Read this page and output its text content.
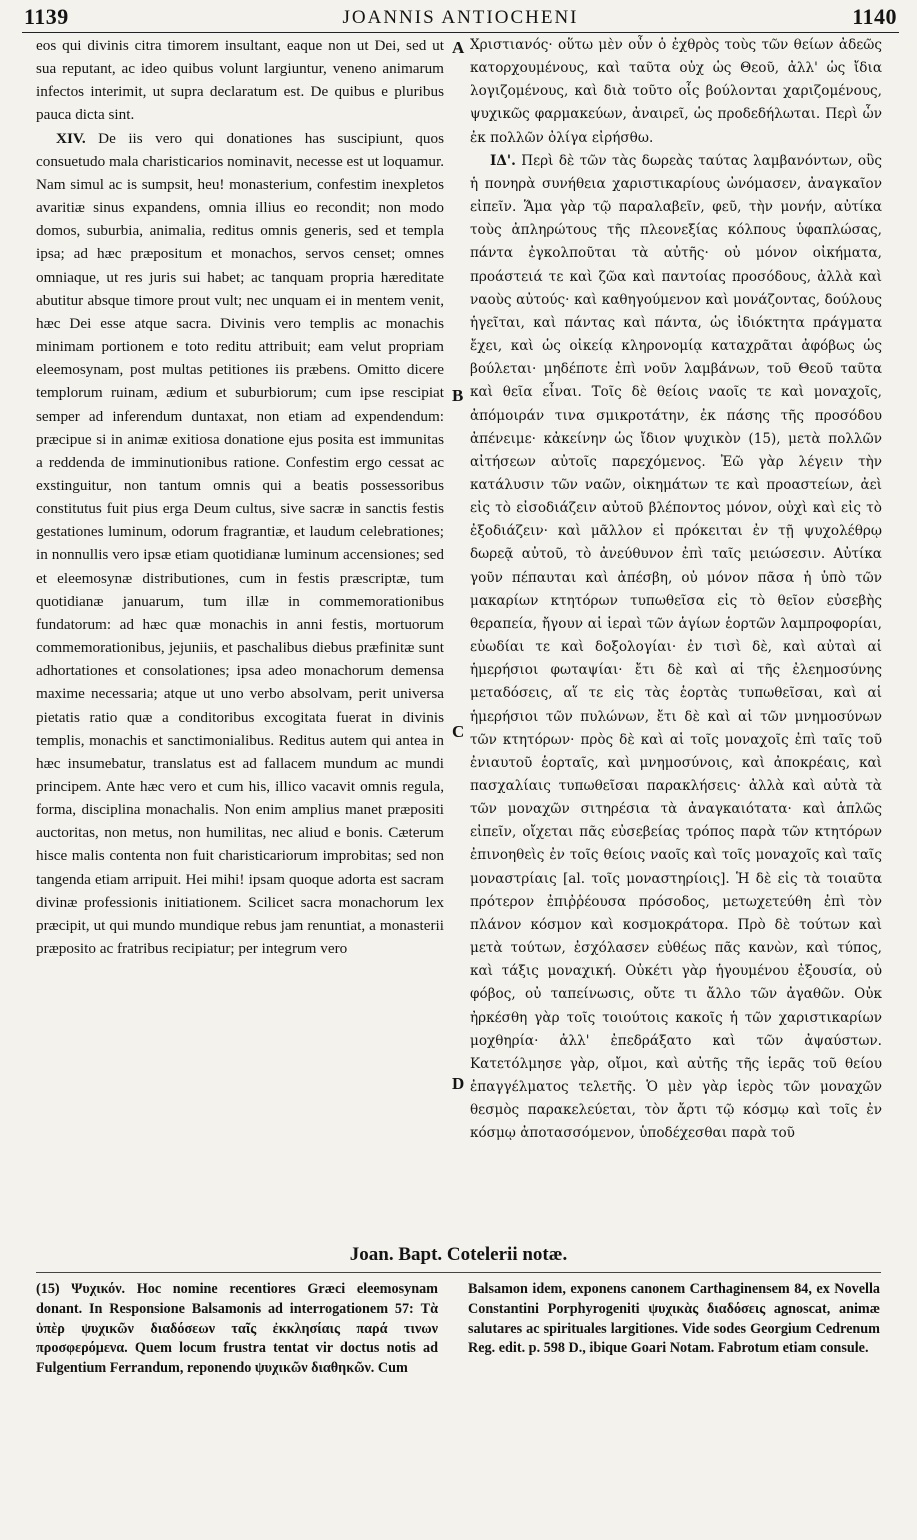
1139	JOANNIS ANTIOCHENI	1140

eos qui divinis citra timorem insultant, eaque non ut Dei, sed ut sua reputant, ac ideo quibus volunt largiuntur, veneno animarum infectos interimit, ut supra declaratum est. De quibus e pluribus pauca dicta sint.

XIV. De iis vero qui donationes has suscipiunt, quos consuetudo mala charisticarios nominavit, necesse est ut loquamur. Nam simul ac is sumpsit, heu! monasterium, confestim inexpletos avaritiæ sinus expandens, omnia illius eo recondit; non modo domos, suburbia, animalia, reditus omnis generis, sed et templa ipsa; ad hæc præpositum et monachos, servos censet; omnes omniaque, ut res juris sui habet; ac tanquam propria hæreditate abutitur absque timore prout vult; nec unquam ei in mentem venit, hæc Dei esse atque sacra. Divinis vero templis ac monachis minimam portionem e toto reditu attribuit; eam velut propriam eleemosynam, post multas petitiones iis præbens. Omitto dicere templorum ruinam, ædium et suburbiorum; cum ipse rescipiat semper ad inferendum duntaxat, non etiam ad expendendum: præcipue si in animæ exitiosa donatione ejus posita est immunitas a reddenda de imminutionibus ratione. Confestim ergo cessat ac exstinguitur, non tantum omnis qui a beatis possessoribus constitutus fuit pius erga Deum cultus, sive sacræ in sanctis festis gestationes luminum, odorum fragrantiæ, et laudum celebrationes; in nonnullis vero ipsæ etiam quotidianæ luminum accensiones; sed et eleemosynæ distributiones, cum in festis præscriptæ, tum quotidianæ januarum, tum illæ in commemorationibus fundatorum: ad hæc quæ monachis in anni festis, mortuorum commemorationibus, jejuniis, et paschalibus diebus præfinitæ sunt adhortationes et consolationes; ipsa adeo monachorum demensa maxime necessaria; atque ut uno verbo absolvam, perit universa pietatis ratio quæ a conditoribus excogitata fuerat in divinis templis, monachis et sanctimonialibus. Reditus autem qui antea in hæc insumebatur, translatus est ad fallacem mundum ac mundi principem. Ante hæc vero et cum his, illico vacavit omnis regula, forma, disciplina monachalis. Non enim amplius manet præpositi auctoritas, non metus, non humilitas, nec aliud e bonis. Cæterum hisce malis contenta non fuit charisticariorum improbitas; sed non tangenda etiam arripuit. Hei mihi! ipsam quoque adorta est sacram divinæ professionis initiationem. Scilicet sacra monachorum lex præcipit, ut qui mundo mundique rebus jam renuntiat, a monasterii præposito ac fratribus recipiatur; per integrum vero

A
B
C
D

Χριστιανός· οὕτω μὲν οὖν ὁ ἐχθρὸς τοὺς τῶν θείων ἀδεῶς κατορχουμένους, καὶ ταῦτα οὐχ ὡς Θεοῦ, ἀλλ' ὡς ἴδια λογιζομένους, καὶ διὰ τοῦτο οἷς βούλονται χαριζομένους, ψυχικῶς φαρμακεύων, ἀναιρεῖ, ὡς προδεδήλωται. Περὶ ὧν ἐκ πολλῶν ὀλίγα εἰρήσθω.

ΙΔ'. Περὶ δὲ τῶν τὰς δωρεὰς ταύτας λαμβανόντων, οὓς ἡ πονηρὰ συνήθεια χαριστικαρίους ὠνόμασεν, ἀναγκαῖον εἰπεῖν. Ἅμα γὰρ τῷ παραλαβεῖν, φεῦ, τὴν μονήν, αὐτίκα τοὺς ἀπληρώτους τῆς πλεονεξίας κόλπους ὑφαπλώσας, πάντα ἐγκολποῦται τὰ αὐτῆς· οὐ μόνον οἰκήματα, προάστειά τε καὶ ζῶα καὶ παντοίας προσόδους, ἀλλὰ καὶ ναοὺς αὐτούς· καὶ καθηγούμενον καὶ μονάζοντας, δούλους ἡγεῖται, καὶ πάντας καὶ πάντα, ὡς ἰδιόκτητα πράγματα ἔχει, καὶ ὡς οἰκείᾳ κληρονομίᾳ καταχρᾶται ἀφόβως ὡς βούλεται· μηδέποτε ἐπὶ νοῦν λαμβάνων, τοῦ Θεοῦ ταῦτα καὶ θεῖα εἶναι. Τοῖς δὲ θείοις ναοῖς τε καὶ μοναχοῖς, ἀπόμοιράν τινα σμικροτάτην, ἐκ πάσης τῆς προσόδου ἀπένειμε· κἀκείνην ὡς ἴδιον ψυχικὸν (15), μετὰ πολλῶν αἰτήσεων αὐτοῖς παρεχόμενος. Ἐῶ γὰρ λέγειν τὴν κατάλυσιν τῶν ναῶν, οἰκημάτων τε καὶ προαστείων, ἀεὶ εἰς τὸ εἰσοδιάζειν αὐτοῦ βλέποντος μόνον, οὐχὶ καὶ εἰς τὸ ἐξοδιάζειν· καὶ μᾶλλον εἰ πρόκειται ἐν τῇ ψυχολέθρῳ δωρεᾷ αὐτοῦ, τὸ ἀνεύθυνον ἐπὶ ταῖς μειώσεσιν. Αὐτίκα γοῦν πέπαυται καὶ ἀπέσβη, οὐ μόνον πᾶσα ἡ ὑπὸ τῶν μακαρίων κτητόρων τυπωθεῖσα εἰς τὸ θεῖον εὐσεβὴς θεραπεία, ἤγουν αἱ ἱεραὶ τῶν ἁγίων ἑορτῶν λαμπροφορίαι, εὐωδίαι τε καὶ δοξολογίαι· ἐν τισὶ δὲ, καὶ αὐταὶ αἱ ἡμερήσιοι φωταψίαι· ἔτι δὲ καὶ αἱ τῆς ἐλεημοσύνης μεταδόσεις, αἵ τε εἰς τὰς ἑορτὰς τυπωθεῖσαι, καὶ αἱ ἡμερήσιοι τῶν πυλώνων, ἔτι δὲ καὶ αἱ τῶν μνημοσύνων τῶν κτητόρων· πρὸς δὲ καὶ αἱ τοῖς μοναχοῖς ἐπὶ ταῖς τοῦ ἐνιαυτοῦ ἑορταῖς, καὶ μνημοσύνοις, καὶ ἀποκρέαις, καὶ πασχαλίαις τυπωθεῖσαι παρακλήσεις· ἀλλὰ καὶ αὐτὰ τὰ τῶν μοναχῶν σιτηρέσια τὰ ἀναγκαιότατα· καὶ ἁπλῶς εἰπεῖν, οἴχεται πᾶς εὐσεβείας τρόπος παρὰ τῶν κτητόρων ἐπινοηθεὶς ἐν τοῖς θείοις ναοῖς καὶ τοῖς μοναχοῖς καὶ ταῖς μοναστρίαις [al. τοῖς μοναστηρίοις]. Ἡ δὲ εἰς τὰ τοιαῦτα πρότερον ἐπιῤῥέουσα πρόσοδος, μετωχετεύθη ἐπὶ τὸν πλάνον κόσμον καὶ κοσμοκράτορα. Πρὸ δὲ τούτων καὶ μετὰ τούτων, ἐσχόλασεν εὐθέως πᾶς κανὼν, καὶ τύπος, καὶ τάξις μοναχική. Οὐκέτι γὰρ ἡγουμένου ἐξουσία, οὐ φόβος, οὐ ταπείνωσις, οὔτε τι ἄλλο τῶν ἀγαθῶν. Οὐκ ἠρκέσθη γὰρ τοῖς τοιούτοις κακοῖς ἡ τῶν χαριστικαρίων μοχθηρία· ἀλλ' ἐπεδράξατο καὶ τῶν ἀψαύστων. Κατετόλμησε γὰρ, οἴμοι, καὶ αὐτῆς τῆς ἱερᾶς τοῦ θείου ἐπαγγέλματος τελετῆς. Ὁ μὲν γὰρ ἱερὸς τῶν μοναχῶν θεσμὸς παρακελεύεται, τὸν ἄρτι τῷ κόσμῳ καὶ τοῖς ἐν κόσμῳ ἀποτασσόμενον, ὑποδέχεσθαι παρὰ τοῦ

Joan. Bapt. Cotelerii notæ.

(15) Ψυχικόν. Hoc nomine recentiores Græci eleemosynam donant. In Responsione Balsamonis ad interrogationem 57: Τὰ ὑπὲρ ψυχικῶν διαδόσεων ταῖς ἐκκλησίαις παρά τινων προσφερόμενα. Quem locum frustra tentat vir doctus notis ad Fulgentium Ferrandum, reponendo ψυχικῶν διαθηκῶν. Cum

Balsamon idem, exponens canonem Carthaginensem 84, ex Novella Constantini Porphyrogeniti ψυχικὰς διαδόσεις agnoscat, animæ salutares ac spirituales largitiones. Vide sodes Georgium Cedrenum Reg. edit. p. 598 D., ibique Goari Notam. Fabrotum etiam consule.
